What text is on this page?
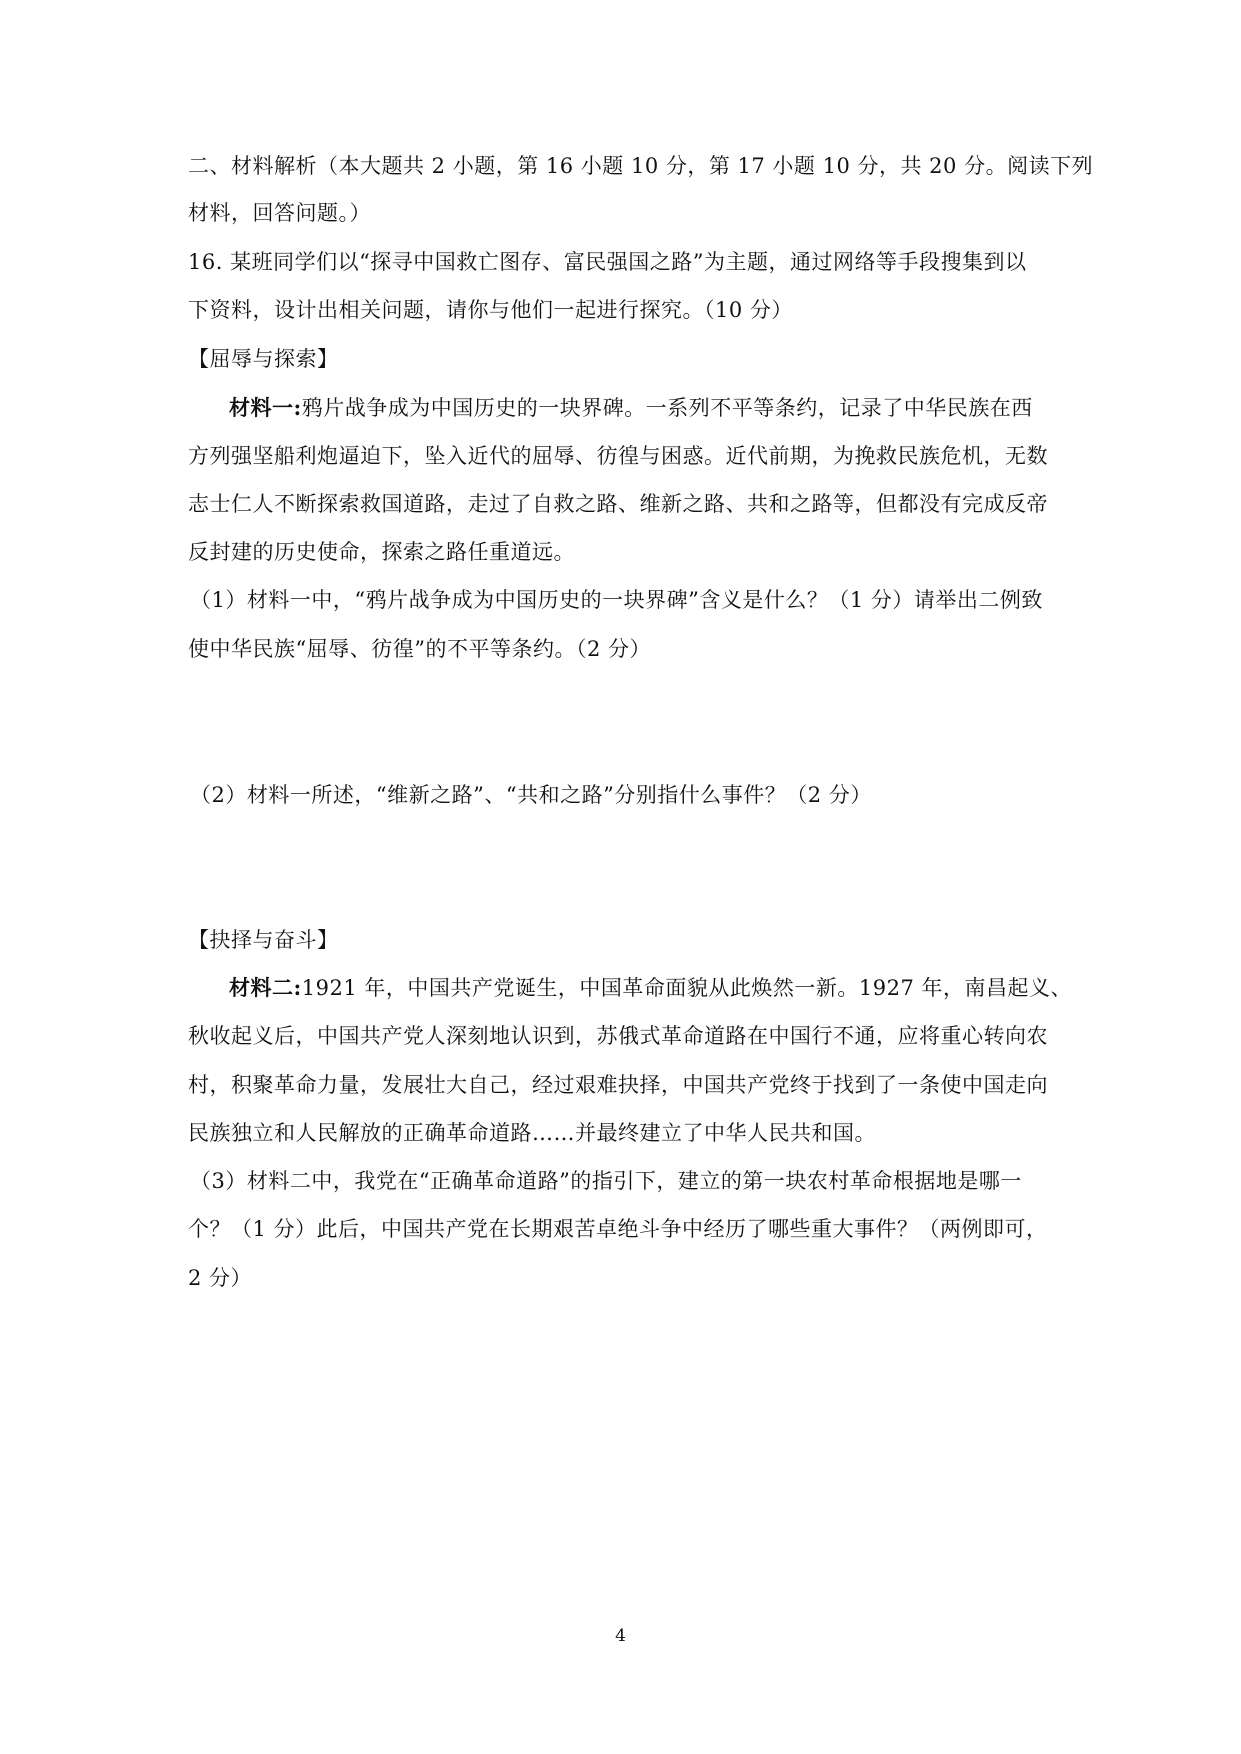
二、材料解析（本大题共 2 小题，第 16 小题 10 分，第 17 小题 10 分，共 20 分。阅读下列
材料，回答问题。）
16. 某班同学们以“探寻中国救亡图存、富民强国之路”为主题，通过网络等手段搜集到以
下资料，设计出相关问题，请你与他们一起进行探究。（10 分）
【屈辱与探索】
材料一:鸦片战争成为中国历史的一块界碑。一系列不平等条约，记录了中华民族在西
方列强坚船利炮逼迫下，坠入近代的屈辱、彷徨与困惑。近代前期，为挽救民族危机，无数
志士仁人不断探索救国道路，走过了自救之路、维新之路、共和之路等，但都没有完成反帝
反封建的历史使命，探索之路任重道远。
（1）材料一中，“鸦片战争成为中国历史的一块界碑”含义是什么？（1 分）请举出二例致
使中华民族“屈辱、彷徨”的不平等条约。（2 分）
（2）材料一所述，“维新之路”、“共和之路”分别指什么事件？（2 分）
【抉择与奋斗】
材料二:1921 年，中国共产党诞生，中国革命面貌从此焕然一新。1927 年，南昌起义、
秋收起义后，中国共产党人深刻地认识到，苏俄式革命道路在中国行不通，应将重心转向农
村，积聚革命力量，发展壮大自己，经过艰难抉择，中国共产党终于找到了一条使中国走向
民族独立和人民解放的正确革命道路……并最终建立了中华人民共和国。
（3）材料二中，我党在“正确革命道路”的指引下，建立的第一块农村革命根据地是哪一
个？（1 分）此后，中国共产党在长期艰苦卓绝斗争中经历了哪些重大事件？（两例即可，
2 分）
4
